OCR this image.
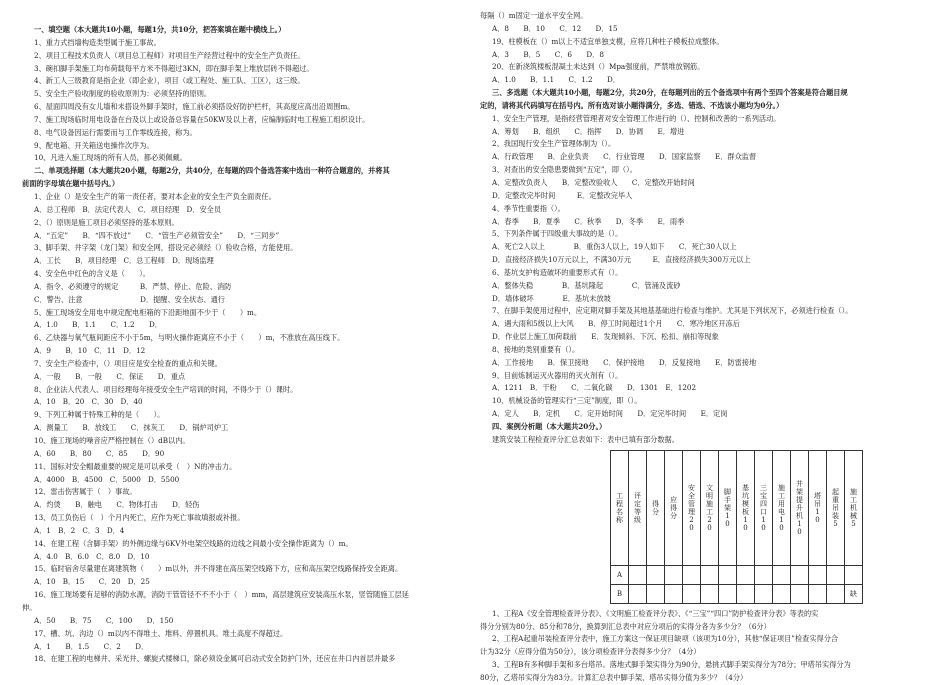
一、填空题（本大题共10小题，每题1分，共10分，把答案填在题中横线上。）
1、重力式挡墙构造类型属于施工事故。
2、项目工程技术负责人（项目总工程师）对项目生产经营过程中的安全生产负责任。
3、碗扣脚手架施工均布荷载每平方米不得超过3KN，即在脚手架上堆放层砖不得超过。
4、新工人三级教育是指企业（即企业），项目（或工程处、施工队、工区），这三级。
5、安全生产验收制度的验收原则为：必须坚持的原则。
6、屋面四周没有女儿墙和未搭设外脚手架时，施工前必须搭设好防护栏杆，其高度应高出沿周围m。
7、施工现场临时用电设备在台及以上或设备总容量在50KW及以上者，应编制临时电工程施工组织设计。
8、电气设备因运行需要而与工作零线连接，称为。
9、配电箱、开关箱送电操作次序为。
10、凡进入施工现场的所有人员，都必须佩戴。
二、单项选择题（本大题共20小题，每题2分，共40分，在每题的四个备选答案中选出一种符合题意的，并将其
前面的字母填在题中括号内。）
1、企业（）是安全生产的第一责任者，要对本企业的安全生产负全面责任。
A．总工程师　B．法定代表人　C．项目经理　D．安全员
2、（）原则是施工项目必须坚持的基本原则。
A．“五定”　　B．“四不放过”　　C．“管生产必须管安全”　　D．“三同步”
3、脚手架、井字架（龙门架）和安全网，搭设完必须经（）验收合格，方能使用。
A．工长　　B．项目经理　C．总工程师　D．现场监理
4、安全色中红色的含义是（　　）。
A．指令、必须遵守的规定　　　B．严禁、停止、危险、消防
C．警告、注意　　　　　　　　D．提醒、安全状态、通行
5、施工现场安全用电中规定配电柜箱的下沿距地面不少于（　　）m。
A．1.0　　B．1.1　　C．1.2　　D．
6、乙炔器与氧气瓶间距应不小于5m，与明火操作距离应不小于（　　）m，不准放在高压线下。
A．9　　B．10　C．11　D．12
7、安全生产检查中，（）项目应是安全检查的重点和关键。
A．一般　　B．一般　　C．保证　　D．重点
8、企业法人代表人、项目经理每年接受安全生产培训的时间，不得少于（）课时。
A．10　B．20　C．30　D．40
9、下列工种属于特殊工种的是（　　）。
A．测量工　　B．放线工　　C．抹灰工　　D．锅炉司炉工
10、施工现场的噪音应严格控制在（）dB以内。
A．60　　B．80　　C．85　　D．90
11、国标对安全帽最重要的规定是可以承受（　）N的冲击力。
A．4000　B．4500　C．5000　D．5500
12、雷击伤害属于（　）事故。
A．灼烫　　B．触电　　C．物体打击　　D．轻伤
13、员工负伤后（　）个月内死亡，应作为死亡事故填报或补报。
A．1　B．2　C．3　D．4
14、在建工程（含脚手架）的外侧边缘与6KV外电架空线路的边线之间最小安全操作距离为（）m。
A．4.0　B．6.0　C．8.0　D．10
15、临时宿舍尽量建在离建筑物（　　）m以外，并不得建在高压架空线路下方，应和高压架空线路保持安全距离。
A．10　B．15　　C．20　D．25
16、施工现场要有足够的消防水源，消防干管管径不不不小于（　）mm，高层建筑应安装高压水泵，竖管随施工层延
伸。
A．50　　B．75　　C．100　　D．150
17、槽、坑、沟边（）m以内不得堆土、堆料、停置机具。堆土高度不得超过。
A．1　　B．1.5　　C．2　　D．
18、在建工程的电梯井、采光井、螺旋式楼梯口，除必须设金属可启动式安全防护门外，还应在井口内首层并最多
每隔（）m固定一道水平安全网。
A．8　　B．10　　C．12　　D．15
19、柱模板在（）m以上不适宜单独支模，应将几种柱子模板拉成整体。
A．3　　B．5　　C．6　　D．8
20、在新浇筑楼板混凝土未达到（）Mpa强度前，严禁堆放钢筋。
A．1.0　　B．1.1　　C．1.2　　D．
三、多选题（本大题共10小题，每题2分，共20分，在每题列出的五个备选项中有两个至四个答案是符合题目规
定的，请将其代码填写在括号内。所有选对该小题得满分，多选、错选、不选该小题均为0分。）
1、安全生产管理，是指经营管理者对安全管理工作进行的（）、控制和改善的一系列活动。
A．筹划　　B．组织　　C．指挥　　D．协调　　E．增进
2、我国现行安全生产管理体制为（）。
A．行政管理　　B．企业负责　　C．行业管理　　D．国家监察　　E．群众监督
3、对查出的安全隐患要做到“五定”，即（）。
A．定整改负责人　　B．定整改验收人　　C．定整改开始时间
D．定整改完毕时间　　　E．定整改完毕人
4、季节性重要指（）。
A．春季　　B．夏季　　C．秋季　　D．冬季　　E．雨季
5、下列条件属于四级重大事故的是（）。
A．死亡2人以上　　　　B．重伤3人以上，19人如下　　C．死亡30人以上
D．直接经济损失10万元以上，不满30万元　　　E．直接经济损失300万元以上
6、基坑支护构造破坏的重要形式有（）。
A．整体失稳　　　　B．基坑隆起　　　　C．管涌及流砂
D．墙体破坏　　　　E．基坑未放坡
7、在脚手架使用过程中，应定期对脚手架及其地基基础进行检查与维护。尤其是下列状况下，必须进行检查（）。
A．遇大雨和5级以上大风　　B．停工时间超过1个月　　C．寒冷地区开冻后
D．作业层上施工加荷载前　　E．发现倾斜、下沉、松扣、崩扣等现象
8、接地的类别重要有（）。
A．工作接地　　B．保卫接地　　C．保护接地　　D．反复接地　　E．防雷接地
9、目前炼制运灭火器用的灭火剂有（）。
A．1211　B．干粉　　C．二氧化碳　　D．1301　E．1202
10、机械设备的管理实行“三定”制度，即（）。
A．定人　　B．定机　　C．定开始时间　　D．定完毕时间　　E．定岗
四、案例分析题（本大题共20分。）
建筑安装工程检查评分汇总表如下：表中已填有部分数据。
工程名称	评定等级	得分	应得分	安全管理20	文明施工20	脚手架10	基坑模板10	三宝四口10	施工用电10	井架提升机10	塔吊10	起重吊装5	施工机械5
A													
B													缺
1、工程A《安全管理检查评分表》、《文明施工检查评分表》、《“三宝”“四口”防护检查评分表》等表的实
得分分别为80分、85分和78分，换算到汇总表中对应分项后的实得分各为多少分？（6分）
2、工程A起重吊装检查评分表中，施工方案这一保证项目缺项（该项为10分），其他“保证项目”检查实得分合
计为32分（应得分值为50分），该分项检查评分表得多少分？（4分）
3、工程B有多种脚手架和多台塔吊。落地式脚手架实得分为90分，悬挑式脚手架实得分为78分；甲塔吊实得分为
80分，乙塔吊实得分为83分。计算汇总表中脚手架、塔吊实得分值为多少？（4分）
